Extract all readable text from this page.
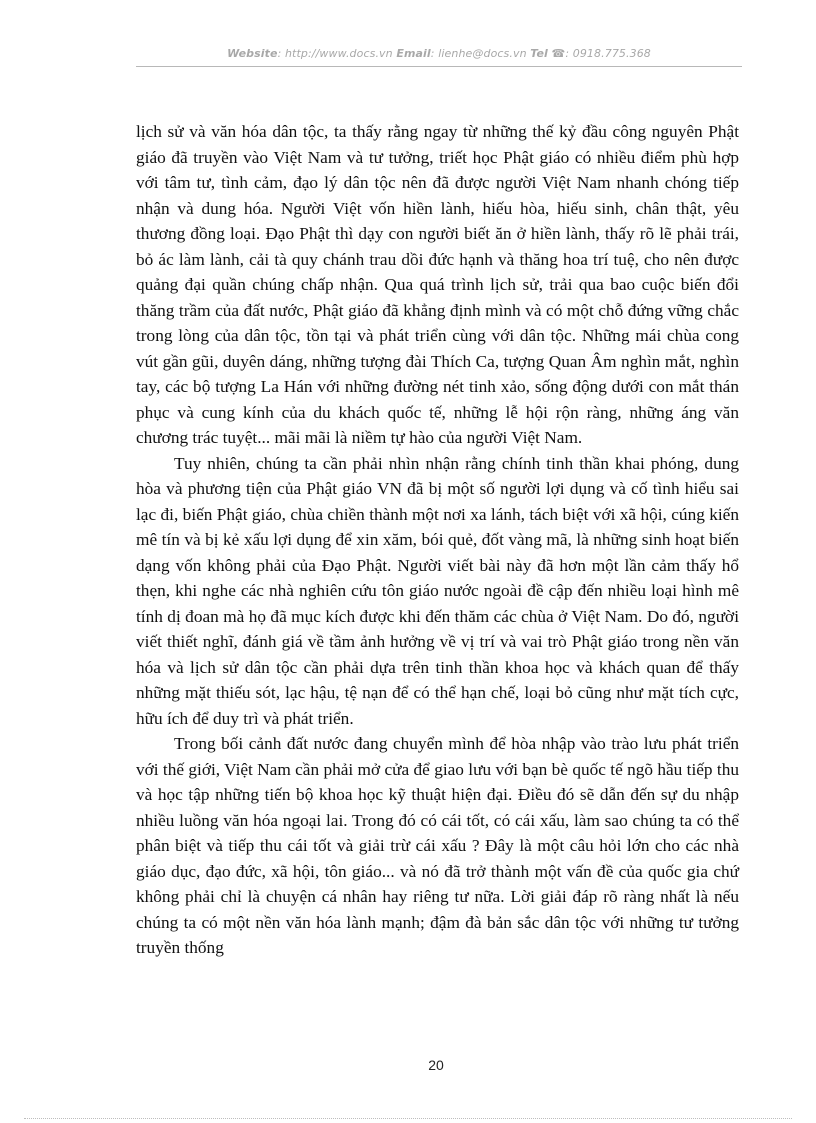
Website: http://www.docs.vn Email: lienhe@docs.vn Tel ☎: 0918.775.368

lịch sử và văn hóa dân tộc, ta thấy rằng ngay từ những thế kỷ đầu công nguyên Phật giáo đã truyền vào Việt Nam và tư tưởng, triết học Phật giáo có nhiều điểm phù hợp với tâm tư, tình cảm, đạo lý dân tộc nên đã được người Việt Nam nhanh chóng tiếp nhận và dung hóa. Người Việt vốn hiền lành, hiếu hòa, hiếu sinh, chân thật, yêu thương đồng loại. Đạo Phật thì dạy con người biết ăn ở hiền lành, thấy rõ lẽ phải trái, bỏ ác làm lành, cải tà quy chánh trau dồi đức hạnh và thăng hoa trí tuệ, cho nên được quảng đại quần chúng chấp nhận. Qua quá trình lịch sử, trải qua bao cuộc biến đổi thăng trầm của đất nước, Phật giáo đã khẳng định mình và có một chỗ đứng vững chắc trong lòng của dân tộc, tồn tại và phát triển cùng với dân tộc. Những mái chùa cong vút gần gũi, duyên dáng, những tượng đài Thích Ca, tượng Quan Âm nghìn mắt, nghìn tay, các bộ tượng La Hán với những đường nét tinh xảo, sống động dưới con mắt thán phục và cung kính của du khách quốc tế, những lễ hội rộn ràng, những áng văn chương trác tuyệt... mãi mãi là niềm tự hào của người Việt Nam.

Tuy nhiên, chúng ta cần phải nhìn nhận rằng chính tinh thần khai phóng, dung hòa và phương tiện của Phật giáo VN đã bị một số người lợi dụng và cố tình hiểu sai lạc đi, biến Phật giáo, chùa chiền thành một nơi xa lánh, tách biệt với xã hội, cúng kiến mê tín và bị kẻ xấu lợi dụng để xin xăm, bói quẻ, đốt vàng mã, là những sinh hoạt biến dạng vốn không phải của Đạo Phật. Người viết bài này đã hơn một lần cảm thấy hổ thẹn, khi nghe các nhà nghiên cứu tôn giáo nước ngoài đề cập đến nhiều loại hình mê tính dị đoan mà họ đã mục kích được khi đến thăm các chùa ở Việt Nam. Do đó, người viết thiết nghĩ, đánh giá về tầm ảnh hưởng về vị trí và vai trò Phật giáo trong nền văn hóa và lịch sử dân tộc cần phải dựa trên tinh thần khoa học và khách quan để thấy những mặt thiếu sót, lạc hậu, tệ nạn để có thể hạn chế, loại bỏ cũng như mặt tích cực, hữu ích để duy trì và phát triển.

Trong bối cảnh đất nước đang chuyển mình để hòa nhập vào trào lưu phát triển với thế giới, Việt Nam cần phải mở cửa để giao lưu với bạn bè quốc tế ngõ hầu tiếp thu và học tập những tiến bộ khoa học kỹ thuật hiện đại. Điều đó sẽ dẫn đến sự du nhập nhiều luồng văn hóa ngoại lai. Trong đó có cái tốt, có cái xấu, làm sao chúng ta có thể phân biệt và tiếp thu cái tốt và giải trừ cái xấu ? Đây là một câu hỏi lớn cho các nhà giáo dục, đạo đức, xã hội, tôn giáo... và nó đã trở thành một vấn đề của quốc gia chứ không phải chỉ là chuyện cá nhân hay riêng tư nữa. Lời giải đáp rõ ràng nhất là nếu chúng ta có một nền văn hóa lành mạnh; đậm đà bản sắc dân tộc với những tư tưởng truyền thống

20
